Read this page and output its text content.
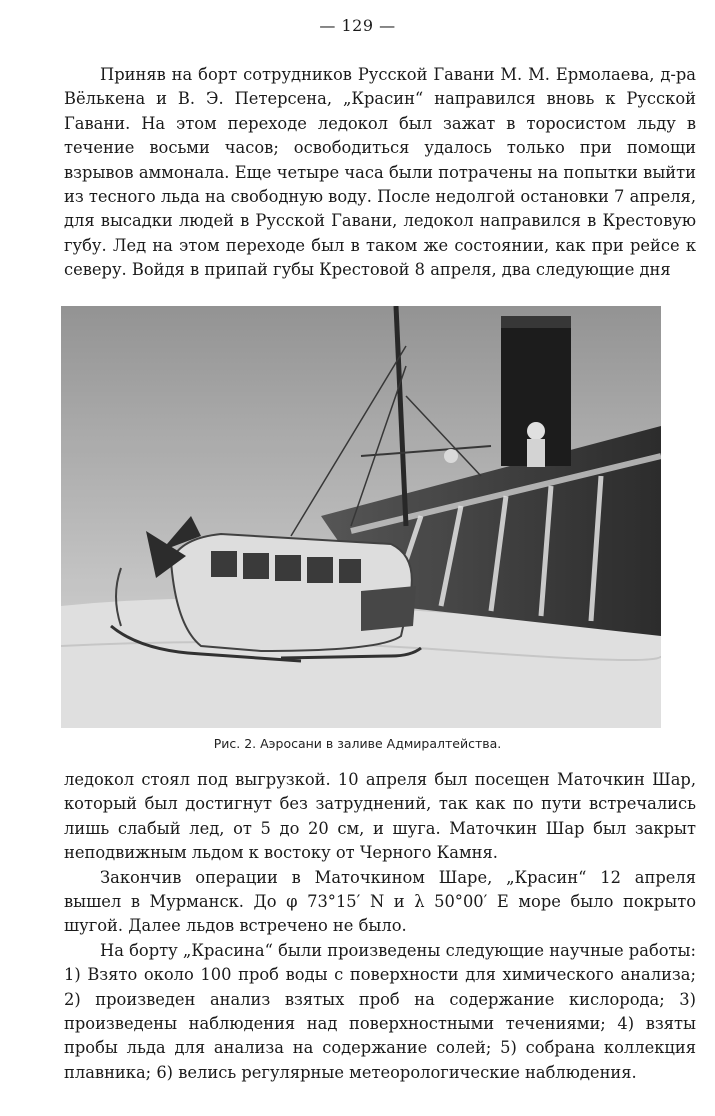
— 129 —
Приняв на борт сотрудников Русской Гавани М. М. Ермолаева, д-ра Вёлькена и В. Э. Петерсена, „Красин“ направился вновь к Русской Гавани. На этом переходе ледокол был зажат в торосистом льду в течение восьми часов; освободиться удалось только при помощи взрывов аммонала. Еще четыре часа были потрачены на попытки выйти из тесного льда на свободную воду. После недолгой остановки 7 апреля, для высадки людей в Русской Гавани, ледокол направился в Крестовую губу. Лед на этом переходе был в таком же состоянии, как при рейсе к северу. Войдя в припай губы Крестовой 8 апреля, два следующие дня
Рис. 2. Аэросани в заливе Адмиралтейства.

ледокол стоял под выгрузкой. 10 апреля был посещен Маточкин Шар, который был достигнут без затруднений, так как по пути встречались лишь слабый лед, от 5 до 20 см, и шуга. Маточкин Шар был закрыт неподвижным льдом к востоку от Черного Камня.

Закончив операции в Маточкином Шаре, „Красин“ 12 апреля вышел в Мурманск. До φ 73°15′ N и λ 50°00′ E море было покрыто шугой. Далее льдов встречено не было.

На борту „Красина“ были произведены следующие научные работы: 1) Взято около 100 проб воды с поверхности для химического анализа; 2) произведен анализ взятых проб на содержание кислорода; 3) произведены наблюдения над поверхностными течениями; 4) взяты пробы льда для анализа на содержание солей; 5) собрана коллекция плавника; 6) велись регулярные метеорологические наблюдения.
